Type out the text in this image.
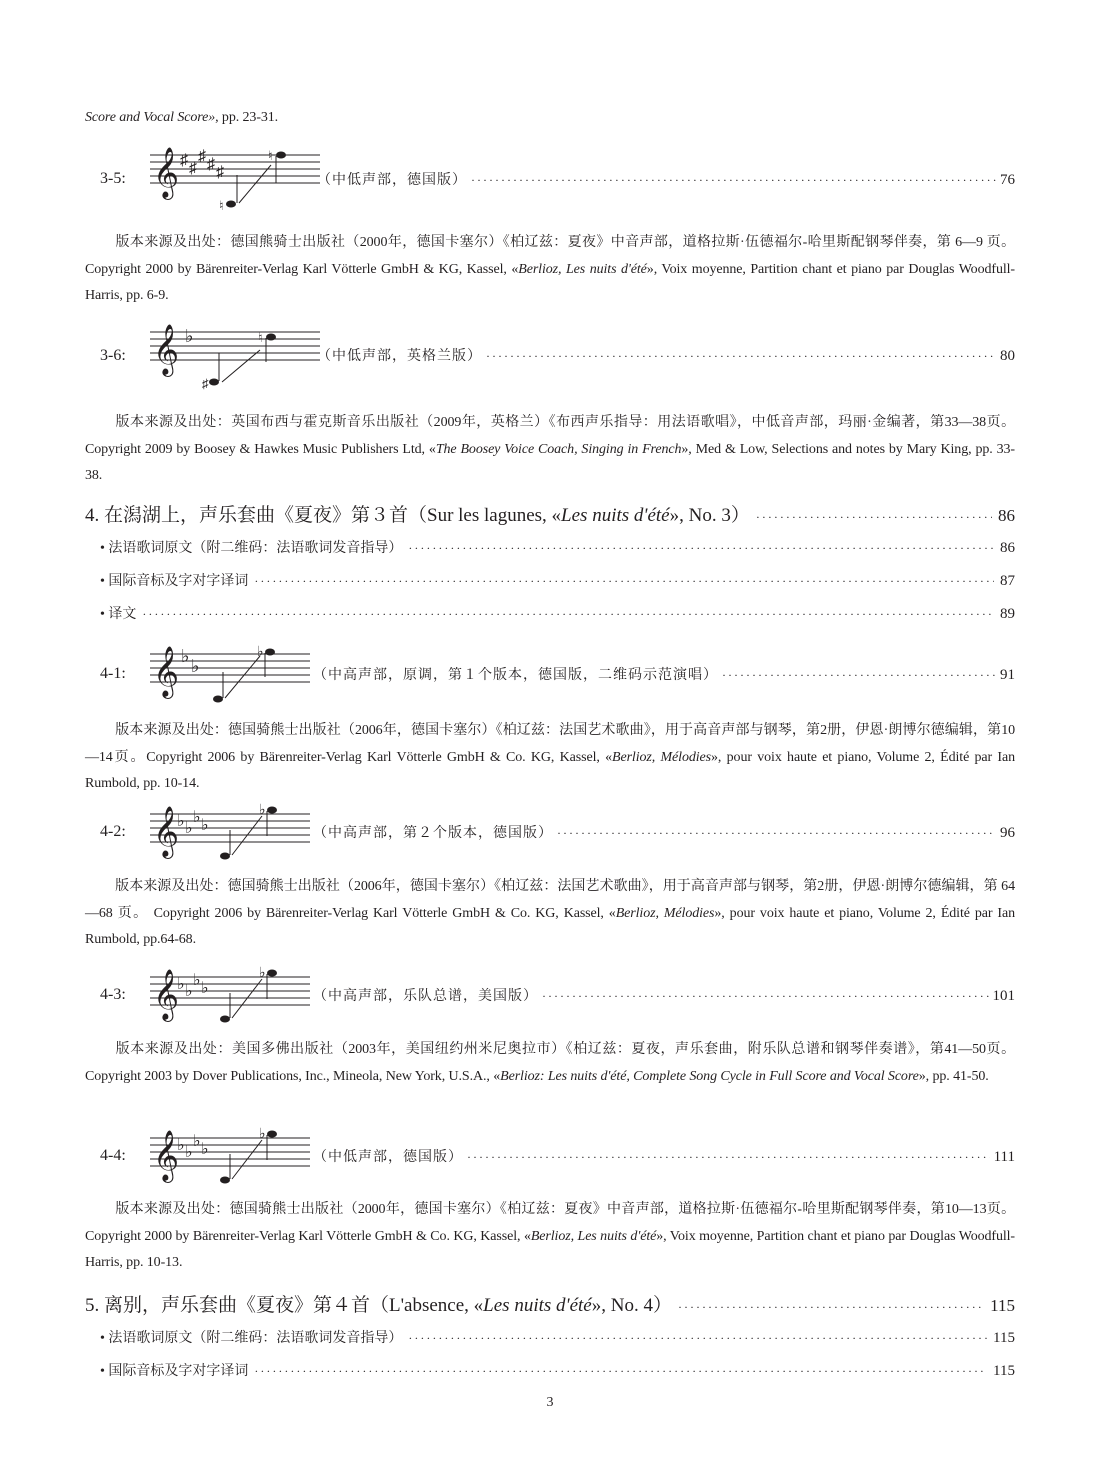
Score and Vocal Score», pp. 23-31.
3-5: 𝄞 ♯ ♯
♯ ♯ ♯
♮
♮
（中低声部，德国版） ·····	76
版本来源及出处：德国熊骑士出版社（2000年，德国卡塞尔）《柏辽兹：夏夜》中音声部，道格拉斯·伍德福尔-哈里斯配钢琴伴奏，第 6—9 页。 Copyright 2000 by Bärenreiter-Verlag Karl Vötterle GmbH & KG, Kassel, «Berlioz, Les nuits d'été», Voix moyenne, Partition chant et piano par Douglas Woodfull-Harris, pp. 6-9.
3-6: 𝄞 ♭
♯
♮
（中低声部，英格兰版） ·····	80
版本来源及出处：英国布西与霍克斯音乐出版社（2009年，英格兰）《布西声乐指导：用法语歌唱》，中低音声部，玛丽·金编著，第33—38页。Copyright 2009 by Boosey & Hawkes Music Publishers Ltd, «The Boosey Voice Coach, Singing in French», Med & Low, Selections and notes by Mary King, pp. 33-38.
4. 在潟湖上，声乐套曲《夏夜》第３首（Sur les lagunes, «Les nuits d'été», No. 3） ·····	86
• 法语歌词原文（附二维码：法语歌词发音指导） ·····	86
• 国际音标及字对字译词 ·····	87
• 译文 ·····	89
4-1: 𝄞 ♭ ♭
♭
（中高声部，原调，第１个版本，德国版，二维码示范演唱） ·····	91
版本来源及出处：德国骑熊士出版社（2006年，德国卡塞尔）《柏辽兹：法国艺术歌曲》，用于高音声部与钢琴，第2册，伊恩·朗博尔德编辑，第10—14页。Copyright 2006 by Bärenreiter-Verlag Karl Vötterle GmbH & Co. KG, Kassel, «Berlioz, Mélodies», pour voix haute et piano, Volume 2, Édité par Ian Rumbold, pp. 10-14.
4-2: 𝄞
♭ ♭
♭ ♭
♭
（中高声部，第２个版本，德国版） ·····	96
版本来源及出处：德国骑熊士出版社（2006年，德国卡塞尔）《柏辽兹：法国艺术歌曲》，用于高音声部与钢琴，第2册，伊恩·朗博尔德编辑，第 64—68 页。 Copyright 2006 by Bärenreiter-Verlag Karl Vötterle GmbH & Co. KG, Kassel, «Berlioz, Mélodies», pour voix haute et piano, Volume 2, Édité par Ian Rumbold, pp.64-68.
4-3: 𝄞
♭ ♭
♭ ♭
♭
（中高声部，乐队总谱，美国版） ·····	101
版本来源及出处：美国多佛出版社（2003年，美国纽约州米尼奥拉市）《柏辽兹：夏夜，声乐套曲，附乐队总谱和钢琴伴奏谱》，第41—50页。Copyright 2003 by Dover Publications, Inc., Mineola, New York, U.S.A., «Berlioz: Les nuits d'été, Complete Song Cycle in Full Score and Vocal Score», pp. 41-50.
4-4: 𝄞
♭ ♭
♭ ♭
♭
（中低声部，德国版） ·····	111
版本来源及出处：德国骑熊士出版社（2000年，德国卡塞尔）《柏辽兹：夏夜》中音声部，道格拉斯·伍德福尔-哈里斯配钢琴伴奏，第10—13页。 Copyright 2000 by Bärenreiter-Verlag Karl Vötterle GmbH & Co. KG, Kassel, «Berlioz, Les nuits d'été», Voix moyenne, Partition chant et piano par Douglas Woodfull-Harris, pp. 10-13.
5. 离别，声乐套曲《夏夜》第４首（L'absence, «Les nuits d'été», No. 4） ·····	115
• 法语歌词原文（附二维码：法语歌词发音指导） ·····	115
• 国际音标及字对字译词 ·····	115
3
